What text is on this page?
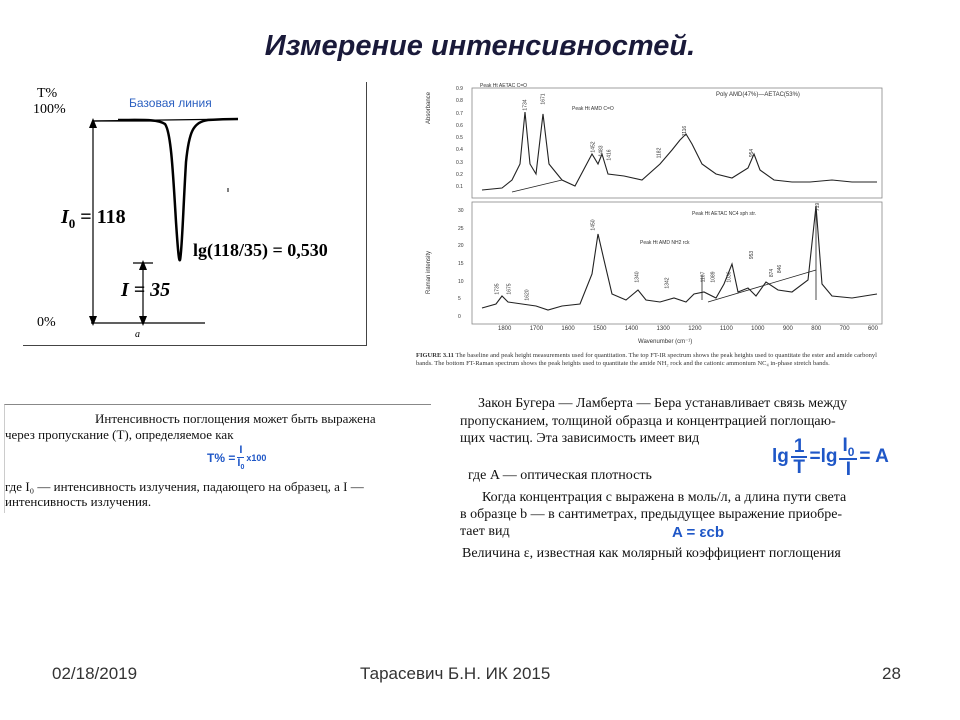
Измерение интенсивностей.
T%
100%	Базовая линия
0%
$I_0 = 118$
I = 35
lg(118/35) = 0,530
a
Peak Ht AETAC C=O
Peak Ht AMD C=O
Poly AMD(47%)—AETAC(53%)
Absorbance
Raman intensity
Peak Ht AETAC NC4 sph str.
Peak Ht AMD NH2 rck
Wavenumber (cm⁻¹)
1800	1700	1600	1500	1400	1300	1200	1100	1000	900	800	700	600
0.9
0.8
0.7
0.6
0.5
0.4
0.3
0.2
0.1
30
25
20
15
10
5
0
1734
1671
1452 1483 1416	1182
1116
954
1735 1675
1620
1450
1340
1342
1107 1089 1036
953
874 846
719
FIGURE 3.11 The baseline and peak height measurements used for quantitation. The top FT-IR spectrum shows the peak heights used to quantitate the ester and amide carbonyl bands. The bottom FT-Raman spectrum shows the peak heights used to quantitate the amide NH₂ rock and the cationic ammonium NC₄ in-phase stretch bands.
Интенсивность поглощения может быть выражена
через пропускание (T), определяемое как
$T\% = \frac{I}{I_0} x100$
где I₀ — интенсивность излучения, падающего на образец, а I —
интенсивность излучения.
Закон Бугера — Ламберта — Бера устанавливает связь между
пропусканием, толщиной образца и концентрацией поглощаю-
щих частиц. Эта зависимость имеет вид
$\lg \frac{1}{T} =\lg \frac{I_0}{I} = A$
где A — оптическая плотность
Когда концентрация c выражена в моль/л, а длина пути света
в образце b — в сантиметрах, предыдущее выражение приобре-
тает вид	A = εcb
Величина ε, известная как молярный коэффициент поглощения
02/18/2019	Тарасевич Б.Н. ИК 2015	28
